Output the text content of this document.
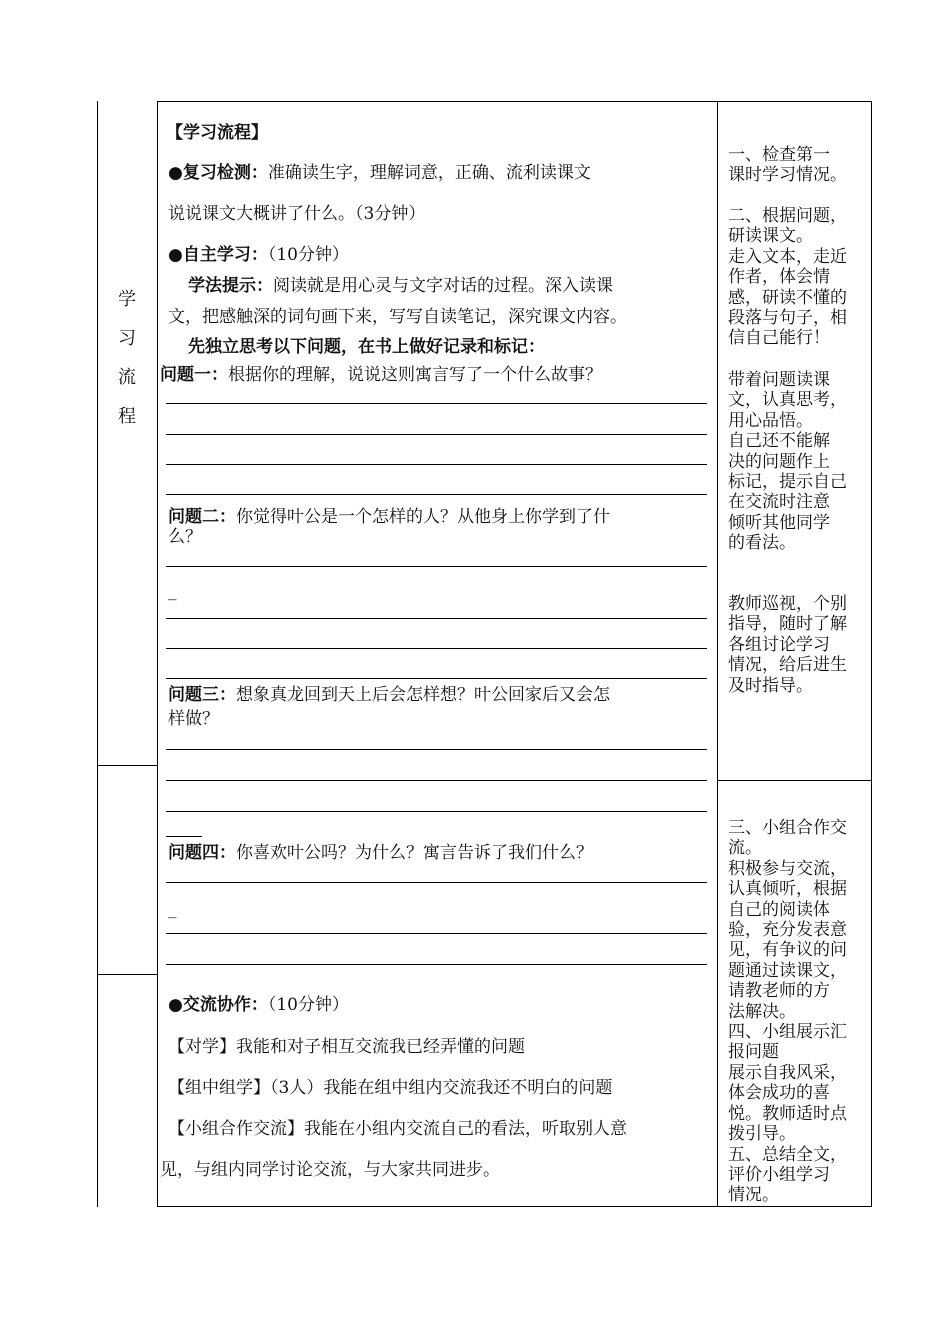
学
习
流
程
【学习流程】
●复习检测：准确读生字，理解词意，正确、流利读课文
说说课文大概讲了什么。（3分钟）
●自主学习：（10分钟）
学法提示：阅读就是用心灵与文字对话的过程。深入读课
文，把感触深的词句画下来，写写自读笔记，深究课文内容。
先独立思考以下问题，在书上做好记录和标记：
问题一：根据你的理解，说说这则寓言写了一个什么故事？
问题二：你觉得叶公是一个怎样的人？从他身上你学到了什
么？
_
问题三：想象真龙回到天上后会怎样想？叶公回家后又会怎
样做？
问题四：你喜欢叶公吗？为什么？寓言告诉了我们什么？
_
●交流协作：（10分钟）
【对学】我能和对子相互交流我已经弄懂的问题
【组中组学】（3人）我能在组中组内交流我还不明白的问题
【小组合作交流】我能在小组内交流自己的看法，听取别人意
见，与组内同学讨论交流，与大家共同进步。
一、检查第一
课时学习情况。
二、根据问题，
研读课文。
走入文本，走近
作者，体会情
感，研读不懂的
段落与句子，相
信自己能行！
带着问题读课
文，认真思考，
用心品悟。
自己还不能解
决的问题作上
标记，提示自己
在交流时注意
倾听其他同学
的看法。
教师巡视，个别
指导，随时了解
各组讨论学习
情况，给后进生
及时指导。
三、小组合作交
流。
积极参与交流，
认真倾听，根据
自己的阅读体
验，充分发表意
见，有争议的问
题通过读课文，
请教老师的方
法解决。
四、小组展示汇
报问题
展示自我风采，
体会成功的喜
悦。教师适时点
拨引导。
五、总结全文，
评价小组学习
情况。
